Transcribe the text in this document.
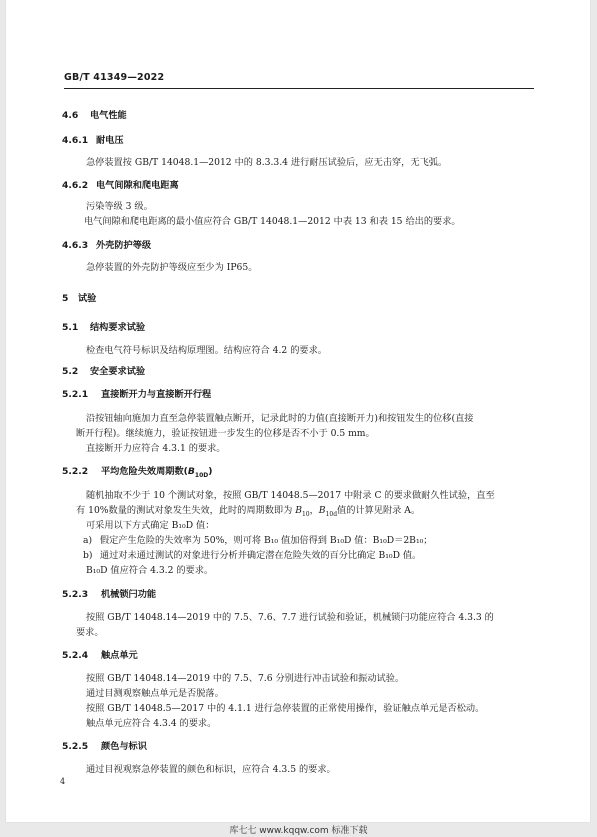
GB/T 41349—2022
4.6 电气性能
4.6.1 耐电压
急停装置按 GB/T 14048.1—2012 中的 8.3.3.4 进行耐压试验后，应无击穿，无飞弧。
4.6.2 电气间隙和爬电距离
污染等级 3 级。
电气间隙和爬电距离的最小值应符合 GB/T 14048.1—2012 中表 13 和表 15 给出的要求。
4.6.3 外壳防护等级
急停装置的外壳防护等级应至少为 IP65。
5 试验
5.1 结构要求试验
检查电气符号标识及结构原理图。结构应符合 4.2 的要求。
5.2 安全要求试验
5.2.1 直接断开力与直接断开行程
沿按钮轴向施加力直至急停装置触点断开，记录此时的力值(直接断开力)和按钮发生的位移(直接
断开行程)。继续施力，验证按钮进一步发生的位移是否不小于 0.5 mm。
直接断开力应符合 4.3.1 的要求。
5.2.2 平均危险失效周期数$(B_{10D})$
随机抽取不少于 10 个测试对象，按照 GB/T 14048.5—2017 中附录 C 的要求做耐久性试验，直至
有 10%数量的测试对象发生失效，此时的周期数即为 $B_{10}$，$B_{10d}$值的计算见附录 A。
可采用以下方式确定 B₁₀D 值：
a) 假定产生危险的失效率为 50%，则可将 B₁₀ 值加倍得到 B₁₀D 值：B₁₀D＝2B₁₀；
b) 通过对未通过测试的对象进行分析并确定潜在危险失效的百分比确定 B₁₀D 值。
B₁₀D 值应符合 4.3.2 的要求。
5.2.3 机械锁闩功能
按照 GB/T 14048.14—2019 中的 7.5、7.6、7.7 进行试验和验证，机械锁闩功能应符合 4.3.3 的
要求。
5.2.4 触点单元
按照 GB/T 14048.14—2019 中的 7.5、7.6 分别进行冲击试验和振动试验。
通过目测观察触点单元是否脱落。
按照 GB/T 14048.5—2017 中的 4.1.1 进行急停装置的正常使用操作，验证触点单元是否松动。
触点单元应符合 4.3.4 的要求。
5.2.5 颜色与标识
通过目视观察急停装置的颜色和标识，应符合 4.3.5 的要求。
4
库七七 www.kqqw.com 标准下载
